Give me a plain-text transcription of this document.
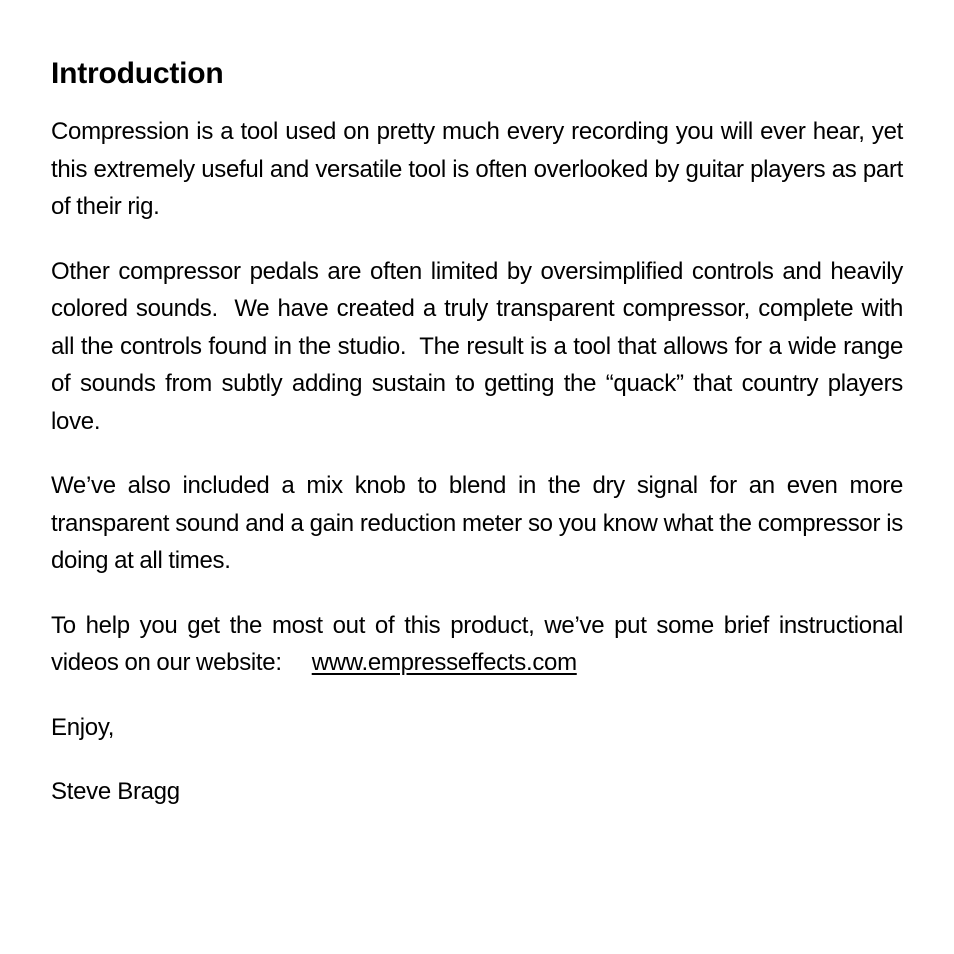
Introduction

Compression is a tool used on pretty much every recording you will ever hear, yet this extremely useful and versatile tool is often overlooked by guitar players as part of their rig.

Other compressor pedals are often limited by oversimplified controls and heavily colored sounds.  We have created a truly transparent compressor, complete with all the controls found in the studio.  The result is a tool that allows for a wide range of sounds from subtly adding sustain to getting the “quack” that country players love.

We’ve also included a mix knob to blend in the dry signal for an even more transparent sound and a gain reduction meter so you know what the compressor is doing at all times.

To help you get the most out of this product, we’ve put some brief instructional videos on our website: www.empresseffects.com

Enjoy,

Steve Bragg
